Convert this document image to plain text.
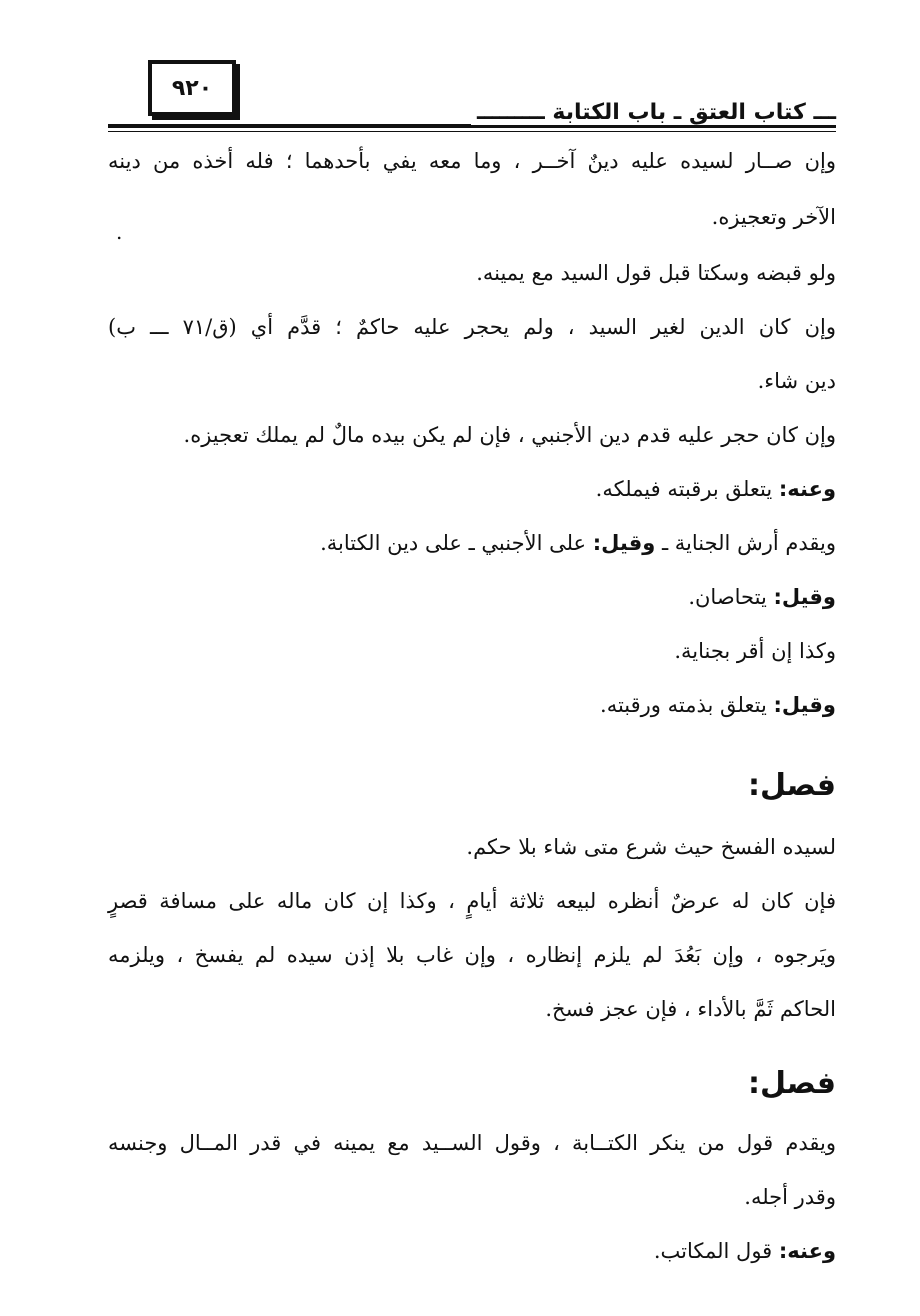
٩٢٠
ـــ كتاب العتق ـ باب الكتابة ـــــــــ
.
وإن صــار لسيده عليه دينٌ آخــر ، وما معه يفي بأحدهما ؛ فله أخذه من دينه
الآخر وتعجيزه.
ولو قبضه وسكتا قبل قول السيد مع يمينه.
وإن كان الدين لغير السيد ، ولم يحجر عليه حاكمٌ ؛ قدَّم أي (ق/٧١ ـــ ب)
دين شاء.
وإن كان حجر عليه قدم دين الأجنبي ، فإن لم يكن بيده مالٌ لم يملك تعجيزه.
وعنه: يتعلق برقبته فيملكه.
ويقدم أرش الجناية ـ وقيل: على الأجنبي ـ على دين الكتابة.
وقيل: يتحاصان.
وكذا إن أقر بجناية.
وقيل: يتعلق بذمته ورقبته.
فصل:
لسيده الفسخ حيث شرع متى شاء بلا حكم.
فإن كان له عرضٌ أنظره لبيعه ثلاثة أيامٍ ، وكذا إن كان ماله على مسافة قصرٍ
ويَرجوه ، وإن بَعُدَ لم يلزم إنظاره ، وإن غاب بلا إذن سيده لم يفسخ ، ويلزمه
الحاكم ثَمَّ بالأداء ، فإن عجز فسخ.
فصل:
ويقدم قول من ينكر الكتــابة ، وقول الســيد مع يمينه في قدر المــال وجنسه
وقدر أجله.
وعنه: قول المكاتب.
